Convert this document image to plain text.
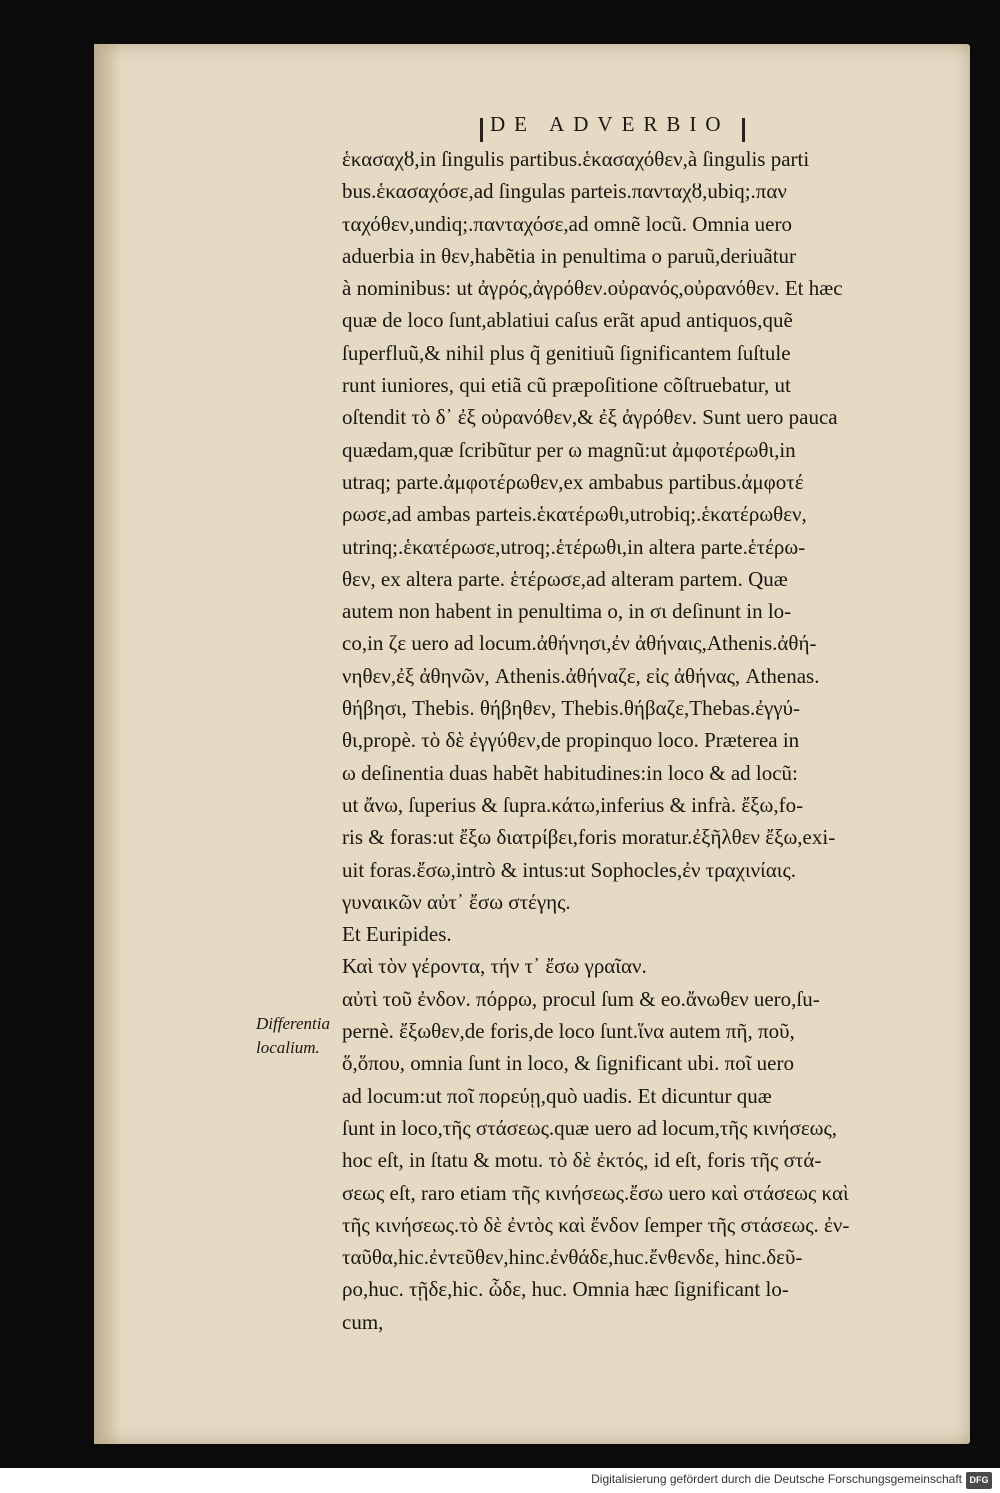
DE ADVERBIO
ἑκασαχȣ,in ſingulis partibus.ἑκασαχόθεν,à ſingulis parti
bus.ἑκασαχόσε,ad ſingulas parteis.πανταχȣ,ubiq;.παν
ταχόθεν,undiq;.πανταχόσε,ad omnẽ locũ. Omnia uero
aduerbia in θεν,habẽtia in penultima ο paruũ,deriuãtur
à nominibus: ut ἀγρός,ἀγρόθεν.οὐρανός,οὐρανόθεν. Et hæc
quæ de loco ſunt,ablatiui caſus erãt apud antiquos,quẽ
ſuperfluũ,& nihil plus q̃ genitiuũ ſignificantem ſuſtule
runt iuniores, qui etiã cũ præpoſitione cõſtruebatur, ut
oſtendit τὸ δ᾽ ἐξ οὐρανόθεν,& ἐξ ἀγρόθεν. Sunt uero pauca
quædam,quæ ſcribũtur per ω magnũ:ut ἀμφοτέρωθι,in
utraq; parte.ἀμφοτέρωθεν,ex ambabus partibus.ἀμφοτέ
ρωσε,ad ambas parteis.ἑκατέρωθι,utrobiq;.ἑκατέρωθεν,
utrinq;.ἑκατέρωσε,utroq;.ἑτέρωθι,in altera parte.ἑτέρω-
θεν, ex altera parte. ἑτέρωσε,ad alteram partem. Quæ
autem non habent in penultima ο, in σι deſinunt in lo-
co,in ζε uero ad locum.ἀθήνησι,ἐν ἀθήναις,Athenis.ἀθή-
νηθεν,ἐξ ἀθηνῶν, Athenis.ἀθήναζε, εἰς ἀθήνας, Athenas.
θήβησι, Thebis. θήβηθεν, Thebis.θήβαζε,Thebas.ἐγγύ-
θι,propè. τὸ δὲ ἐγγύθεν,de propinquo loco. Præterea in
ω deſinentia duas habẽt habitudines:in loco & ad locũ:
ut ἄνω, ſuperius & ſupra.κάτω,inferius & infrà. ἔξω,fo-
ris & foras:ut ἔξω διατρίβει,foris moratur.ἐξῆλθεν ἔξω,exi-
uit foras.ἔσω,intrò & intus:ut Sophocles,ἐν τραχινίαις.
γυναικῶν αὐτ᾽ ἔσω στέγης.
Et Euripides.
Καὶ τὸν γέροντα, τήν τ᾽ ἔσω γραῖαν.
αὐτὶ τοῦ ἐνδον. πόρρω, procul ſum & eo.ἄνωθεν uero,ſu-
pernè. ἔξωθεν,de foris,de loco ſunt.ἵνα autem πῆ, ποῦ,
ὅ,ὅπου, omnia ſunt in loco, & ſignificant ubi. ποῖ uero
ad locum:ut ποῖ πορεύῃ,quò uadis. Et dicuntur quæ
ſunt in loco,τῆς στάσεως.quæ uero ad locum,τῆς κινήσεως,
hoc eſt, in ſtatu & motu. τὸ δὲ ἐκτός, id eſt, foris τῆς στά-
σεως eſt, raro etiam τῆς κινήσεως.ἔσω uero καὶ στάσεως καὶ
τῆς κινήσεως.τὸ δὲ ἐντὸς καὶ ἔνδον ſemper τῆς στάσεως. ἐν-
ταῦθα,hic.ἐντεῦθεν,hinc.ἐνθάδε,huc.ἔνθενδε, hinc.δεῦ-
ρο,huc. τῇδε,hic. ὧδε, huc. Omnia hæc ſignificant lo-
cum,
Differentia
localium.
Digitalisierung gefördert durch die Deutsche Forschungsgemeinschaft DFG
